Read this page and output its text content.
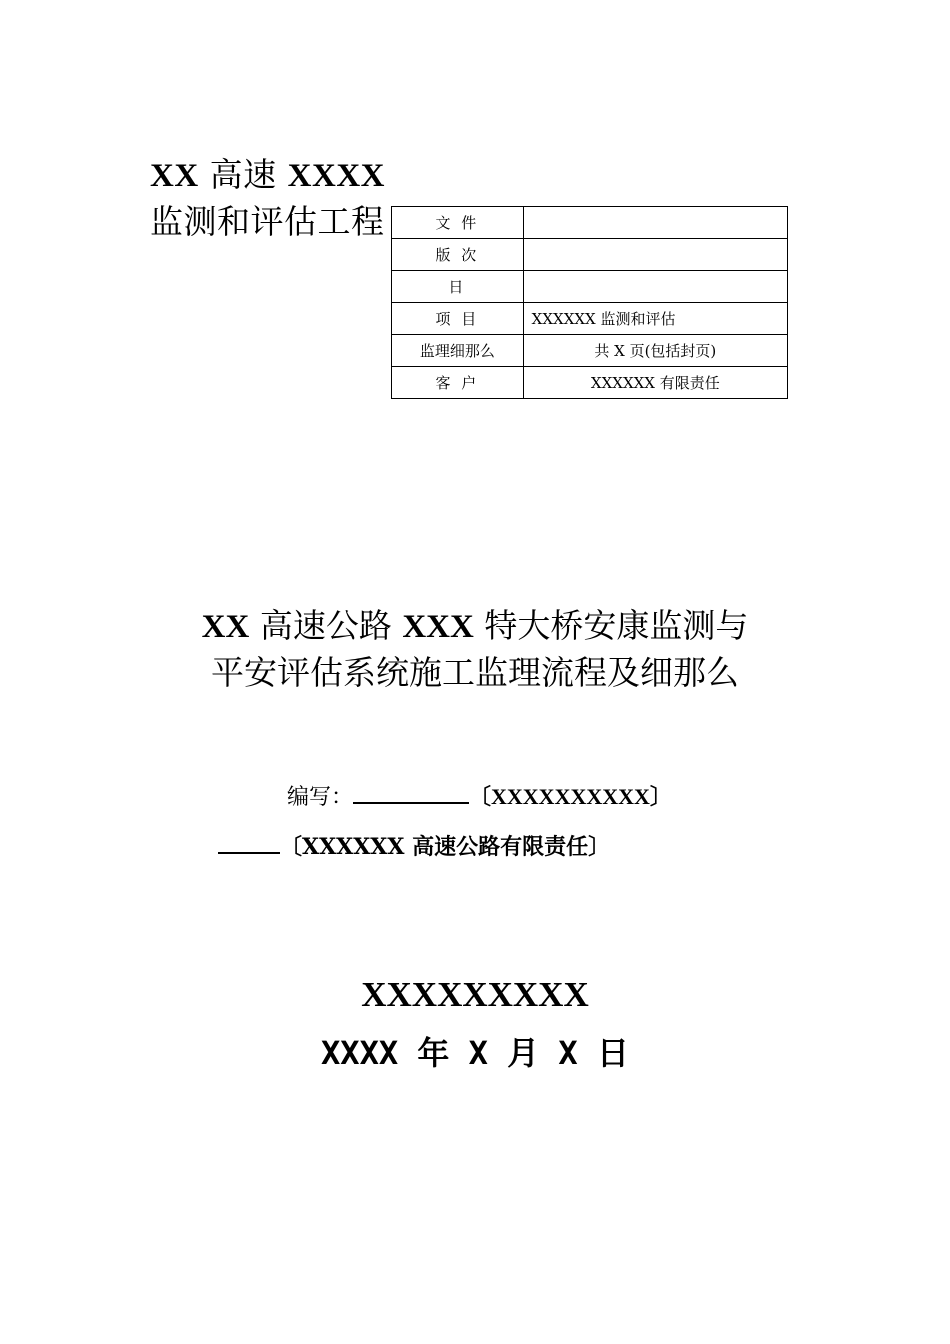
XX 高速 XXXX
监测和评估工程	文 件	
版 次	
日	
项 目	XXXXXX 监测和评估
监理细那么	共 X 页(包括封页)
客 户	XXXXXX 有限责任
XX 高速公路 XXX 特大桥安康监测与
平安评估系统施工监理流程及细那么
编写：	〔XXXXXXXXXX〕
〔XXXXXX 高速公路有限责任〕
XXXXXXXXX
XXXX 年 X 月 X 日
